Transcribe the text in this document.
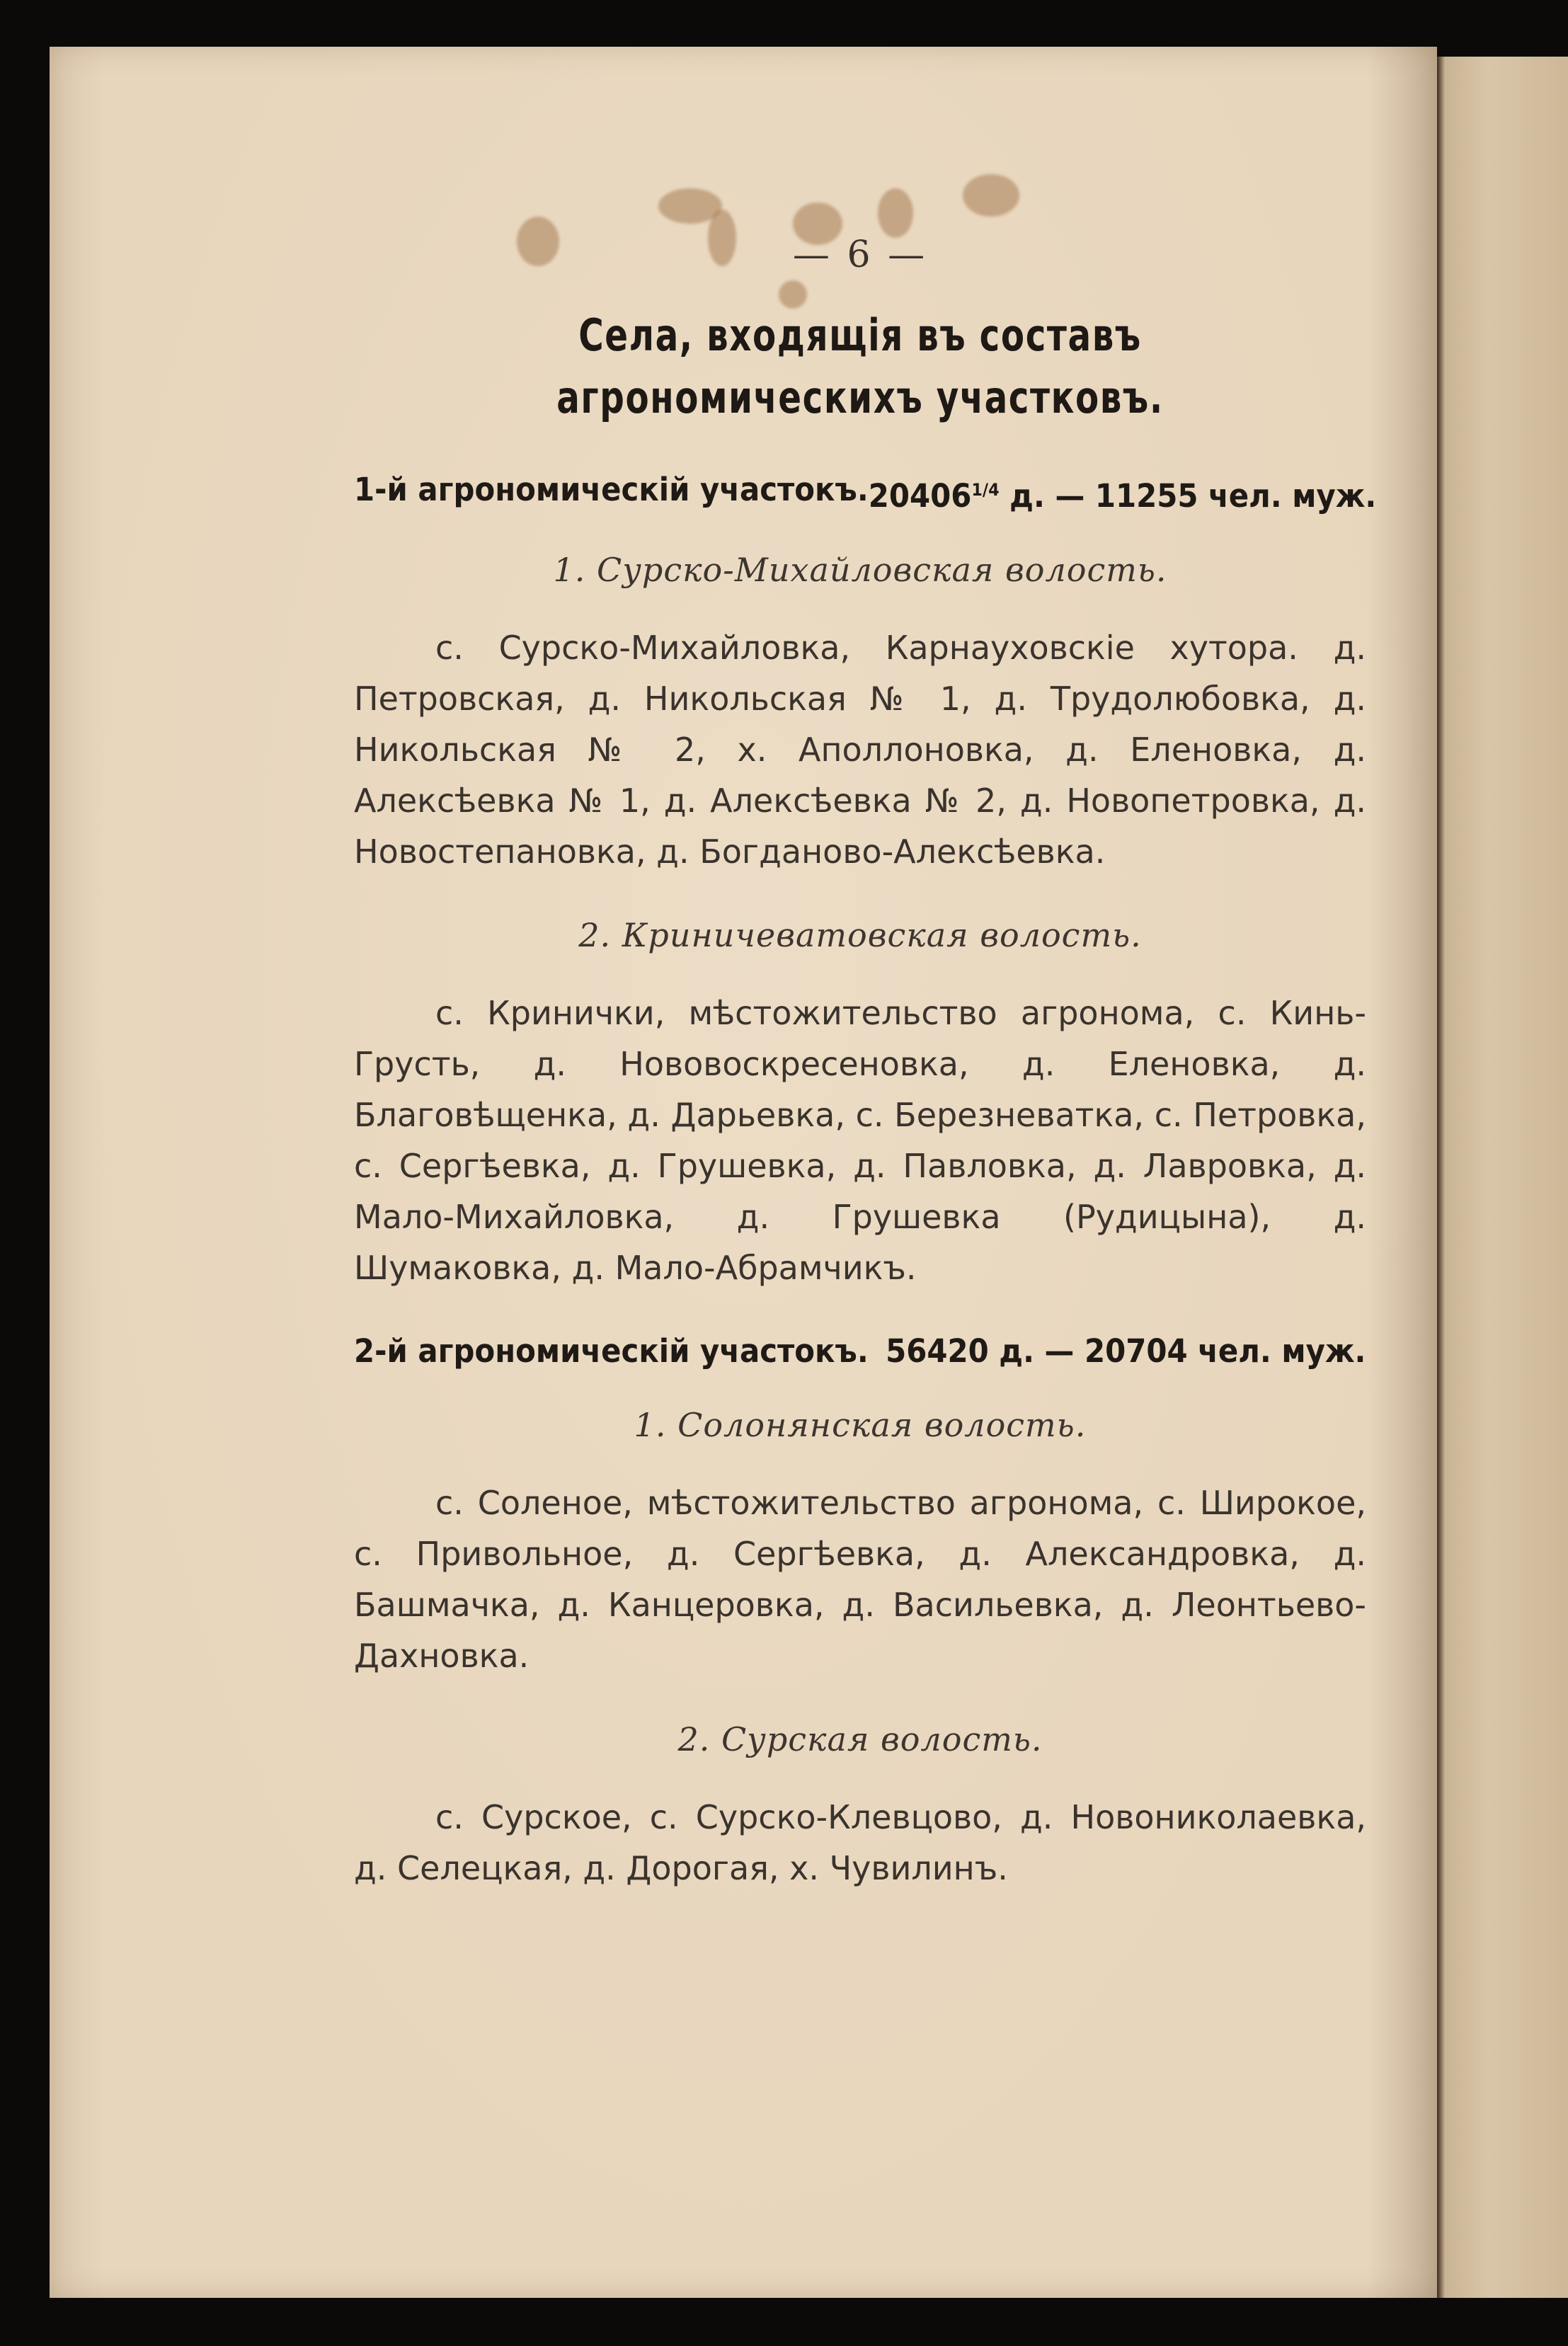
— 6 —
Села, входящія въ составъ агрономическихъ участковъ.
1-й агрономическій участокъ. $20406^{1/4}$ д. — 11255 чел. муж.
1. Сурско-Михайловская волость.
с. Сурско-Михайловка, Карнауховскіе хутора. д. Петровская, д. Никольская № 1, д. Трудолюбовка, д. Никольская № 2, х. Аполлоновка, д. Еленовка, д. Алексѣевка № 1, д. Алексѣевка № 2, д. Новопетровка, д. Новостепановка, д. Богданово-Алексѣевка.
2. Криничеватовская волость.
с. Кринички, мѣстожительство агронома, с. Кинь-Грусть, д. Нововоскресеновка, д. Еленовка, д. Благовѣщенка, д. Дарьевка, с. Березневатка, с. Петровка, с. Сергѣевка, д. Грушевка, д. Павловка, д. Лавровка, д. Мало-Михайловка, д. Грушевка (Рудицына), д. Шумаковка, д. Мало-Абрамчикъ.
2-й агрономическій участокъ. 56420 д. — 20704 чел. муж.
1. Солонянская волость.
с. Соленое, мѣстожительство агронома, с. Широкое, с. Привольное, д. Сергѣевка, д. Александровка, д. Башмачка, д. Канцеровка, д. Васильевка, д. Леонтьево-Дахновка.
2. Сурская волость.
с. Сурское, с. Сурско-Клевцово, д. Новониколаевка, д. Селецкая, д. Дорогая, х. Чувилинъ.
